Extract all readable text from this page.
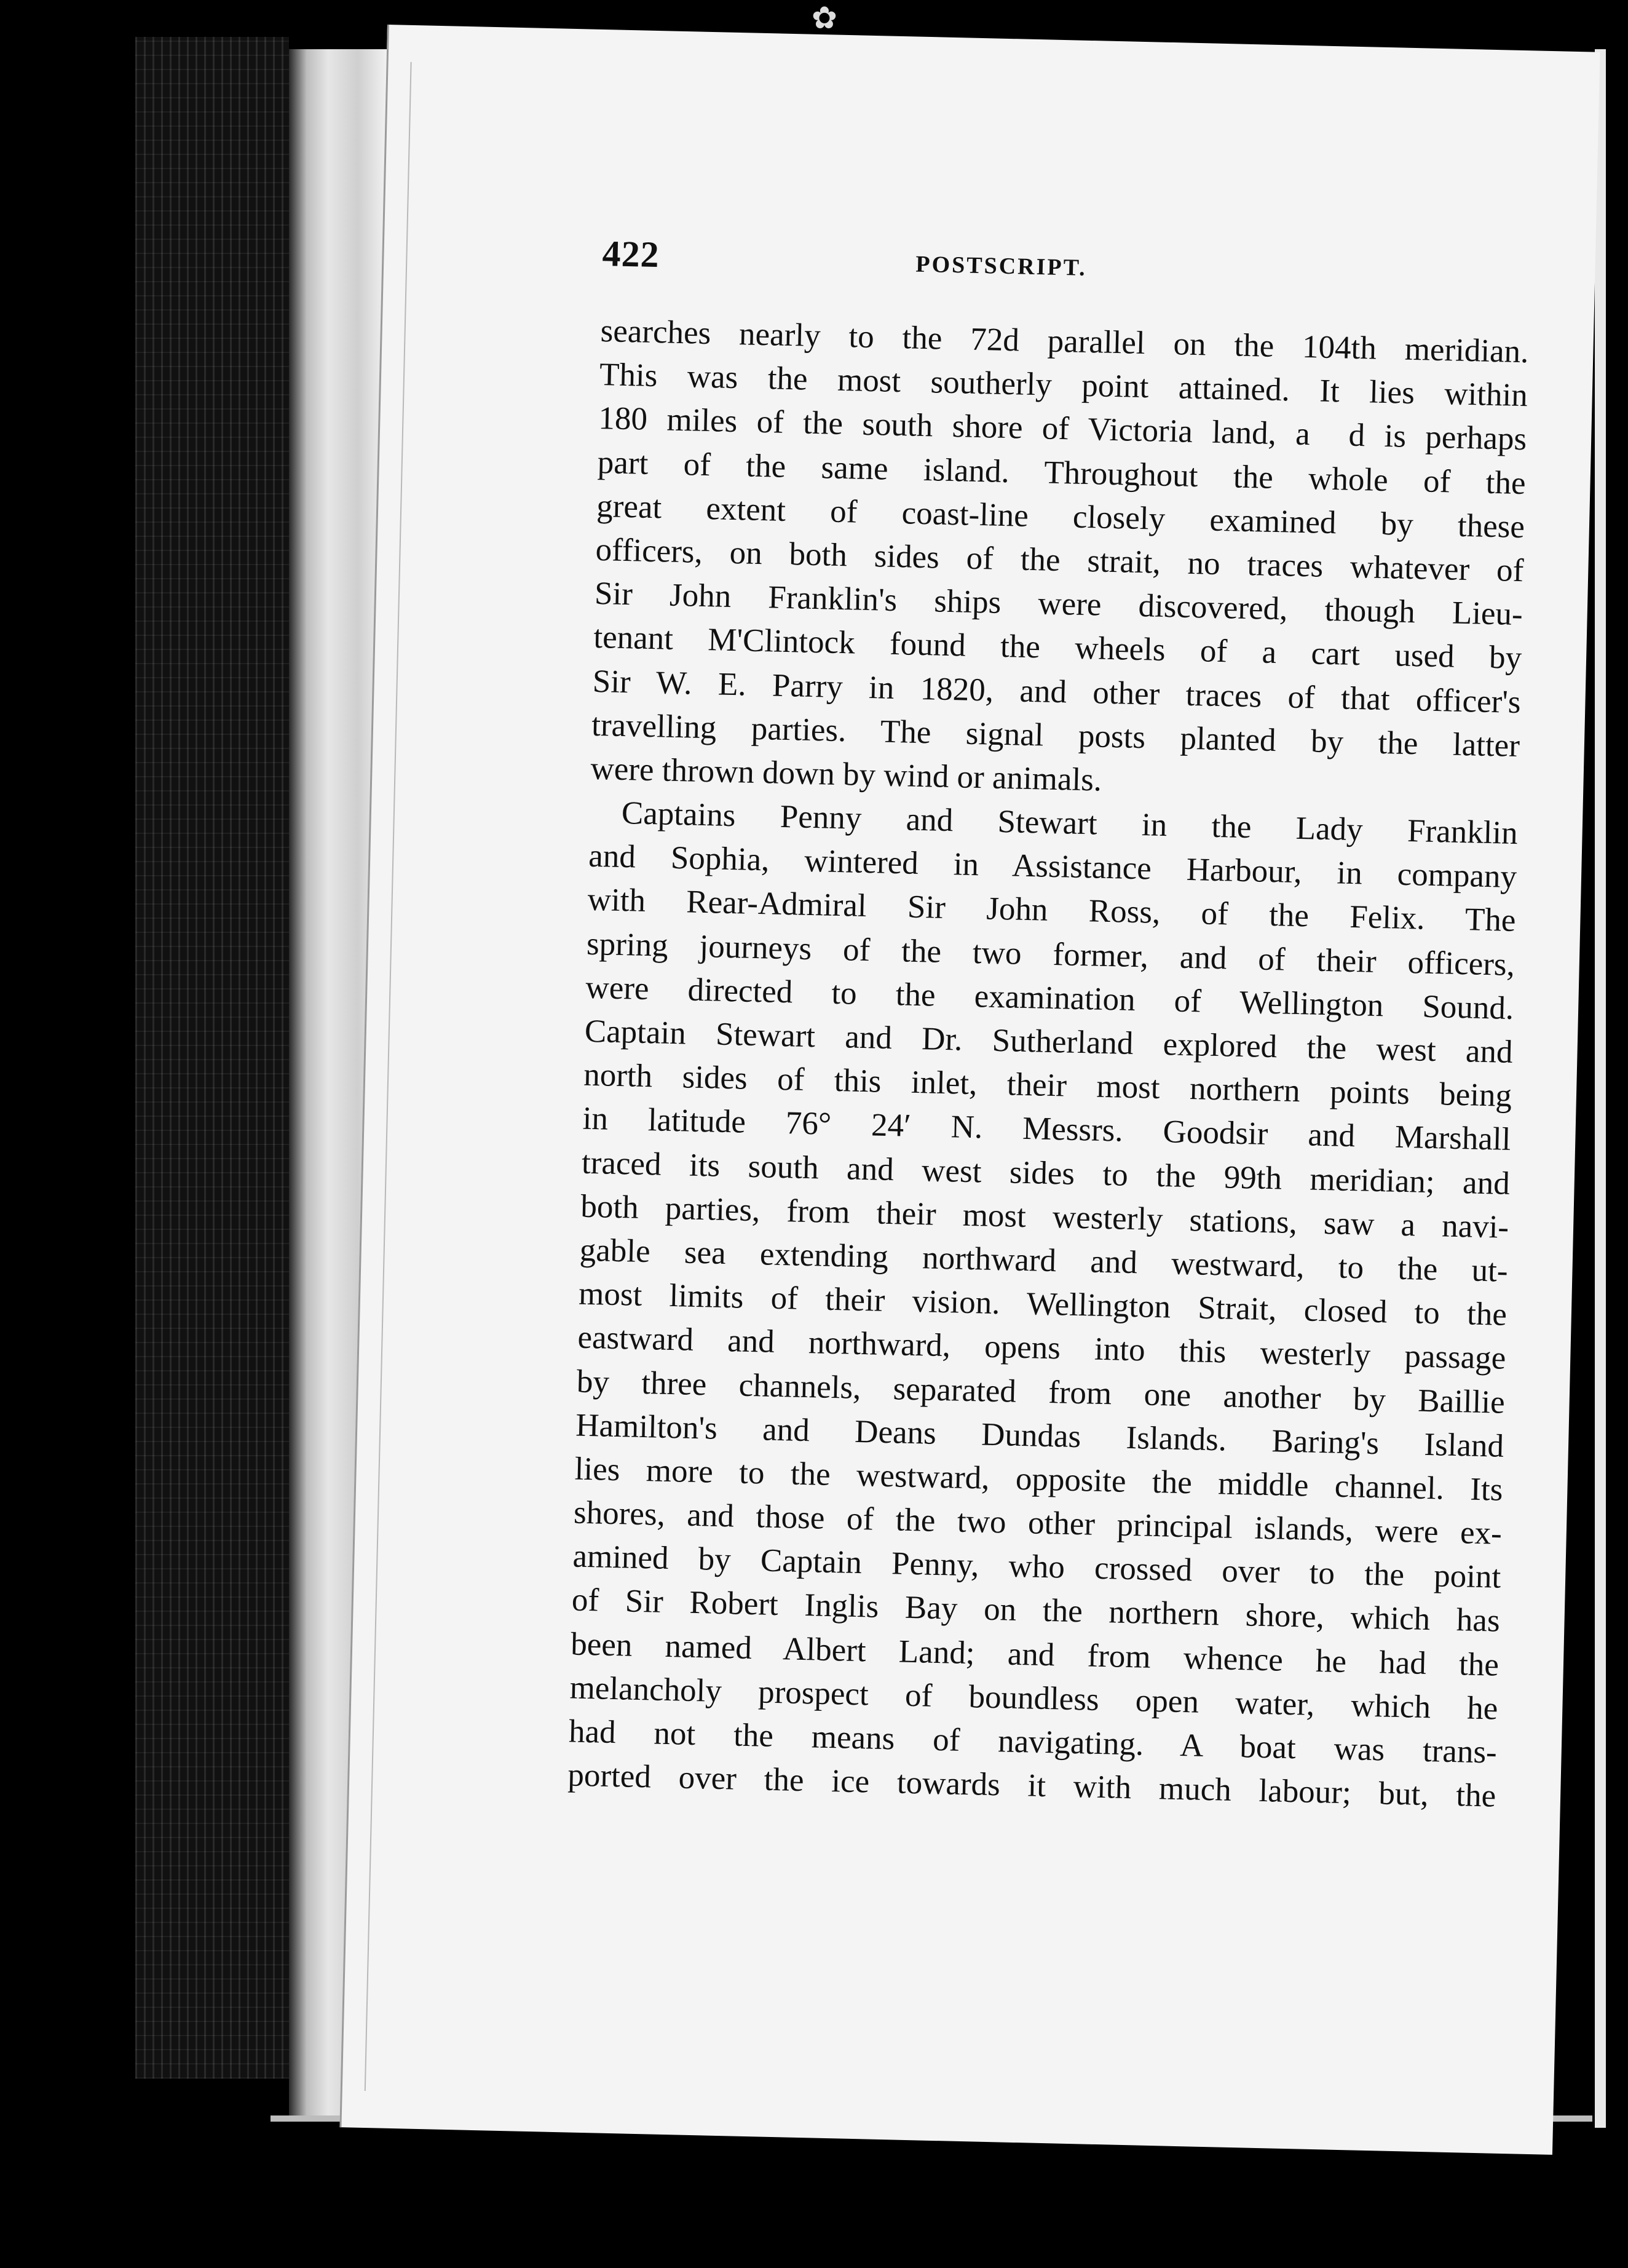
✿
422	POSTSCRIPT.
searches nearly to the 72d parallel on the 104th meridian.
This was the most southerly point attained. It lies within
180 miles of the south shore of Victoria land, a  d is perhaps
part of the same island. Throughout the whole of the
great extent of coast-line closely examined by these
officers, on both sides of the strait, no traces whatever of
Sir John Franklin's ships were discovered, though Lieu-
tenant M'Clintock found the wheels of a cart used by
Sir W. E. Parry in 1820, and other traces of that officer's
travelling parties. The signal posts planted by the latter
were thrown down by wind or animals.
Captains Penny and Stewart in the Lady Franklin
and Sophia, wintered in Assistance Harbour, in company
with Rear-Admiral Sir John Ross, of the Felix. The
spring journeys of the two former, and of their officers,
were directed to the examination of Wellington Sound.
Captain Stewart and Dr. Sutherland explored the west and
north sides of this inlet, their most northern points being
in latitude 76° 24′ N. Messrs. Goodsir and Marshall
traced its south and west sides to the 99th meridian; and
both parties, from their most westerly stations, saw a navi-
gable sea extending northward and westward, to the ut-
most limits of their vision. Wellington Strait, closed to the
eastward and northward, opens into this westerly passage
by three channels, separated from one another by Baillie
Hamilton's and Deans Dundas Islands. Baring's Island
lies more to the westward, opposite the middle channel. Its
shores, and those of the two other principal islands, were ex-
amined by Captain Penny, who crossed over to the point
of Sir Robert Inglis Bay on the northern shore, which has
been named Albert Land; and from whence he had the
melancholy prospect of boundless open water, which he
had not the means of navigating. A boat was trans-
ported over the ice towards it with much labour; but, the
